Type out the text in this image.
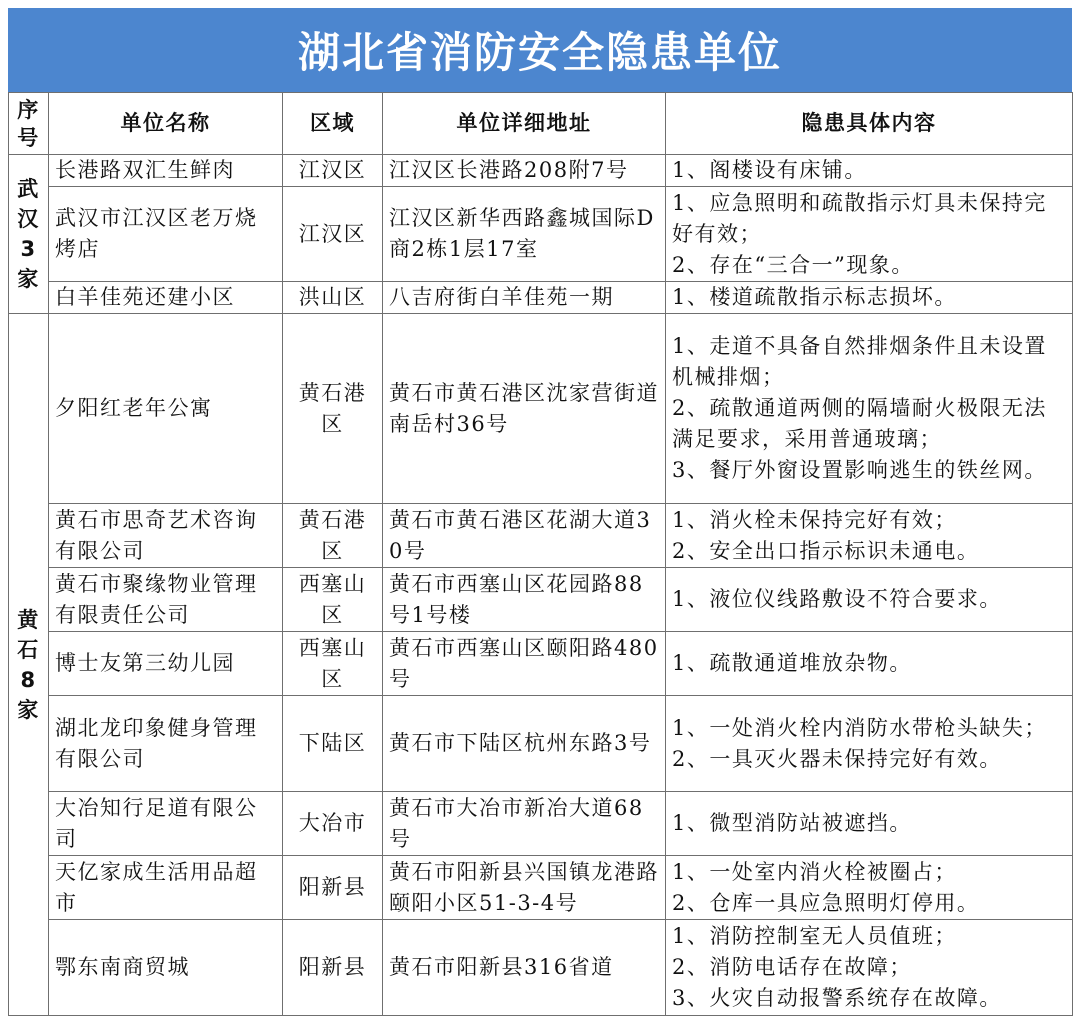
湖北省消防安全隐患单位
序号	单位名称	区域	单位详细地址	隐患具体内容
武汉3家	长港路双汇生鲜肉	江汉区	江汉区长港路208附7号	1、阁楼设有床铺。

	武汉市江汉区老万烧烤店	江汉区	江汉区新华西路鑫城国际D商2栋1层17室	1、应急照明和疏散指示灯具未保持完好有效；
2、存在“三合一”现象。

	白羊佳苑还建小区	洪山区	八吉府街白羊佳苑一期	1、楼道疏散指示标志损坏。

黄石8家	夕阳红老年公寓	黄石港区	黄石市黄石港区沈家营街道南岳村36号	1、走道不具备自然排烟条件且未设置机械排烟；
2、疏散通道两侧的隔墙耐火极限无法满足要求，采用普通玻璃；
3、餐厅外窗设置影响逃生的铁丝网。

	黄石市思奇艺术咨询有限公司	黄石港区	黄石市黄石港区花湖大道30号	1、消火栓未保持完好有效；
2、安全出口指示标识未通电。

	黄石市聚缘物业管理有限责任公司	西塞山区	黄石市西塞山区花园路88号1号楼	1、液位仪线路敷设不符合要求。

	博士友第三幼儿园	西塞山区	黄石市西塞山区颐阳路480号	1、疏散通道堆放杂物。

	湖北龙印象健身管理有限公司	下陆区	黄石市下陆区杭州东路3号	1、一处消火栓内消防水带枪头缺失；
2、一具灭火器未保持完好有效。

	大冶知行足道有限公司	大冶市	黄石市大冶市新冶大道68号	1、微型消防站被遮挡。

	天亿家成生活用品超市	阳新县	黄石市阳新县兴国镇龙港路颐阳小区51-3-4号	1、一处室内消火栓被圈占；
2、仓库一具应急照明灯停用。

	鄂东南商贸城	阳新县	黄石市阳新县316省道	1、消防控制室无人员值班；
2、消防电话存在故障；
3、火灾自动报警系统存在故障。
